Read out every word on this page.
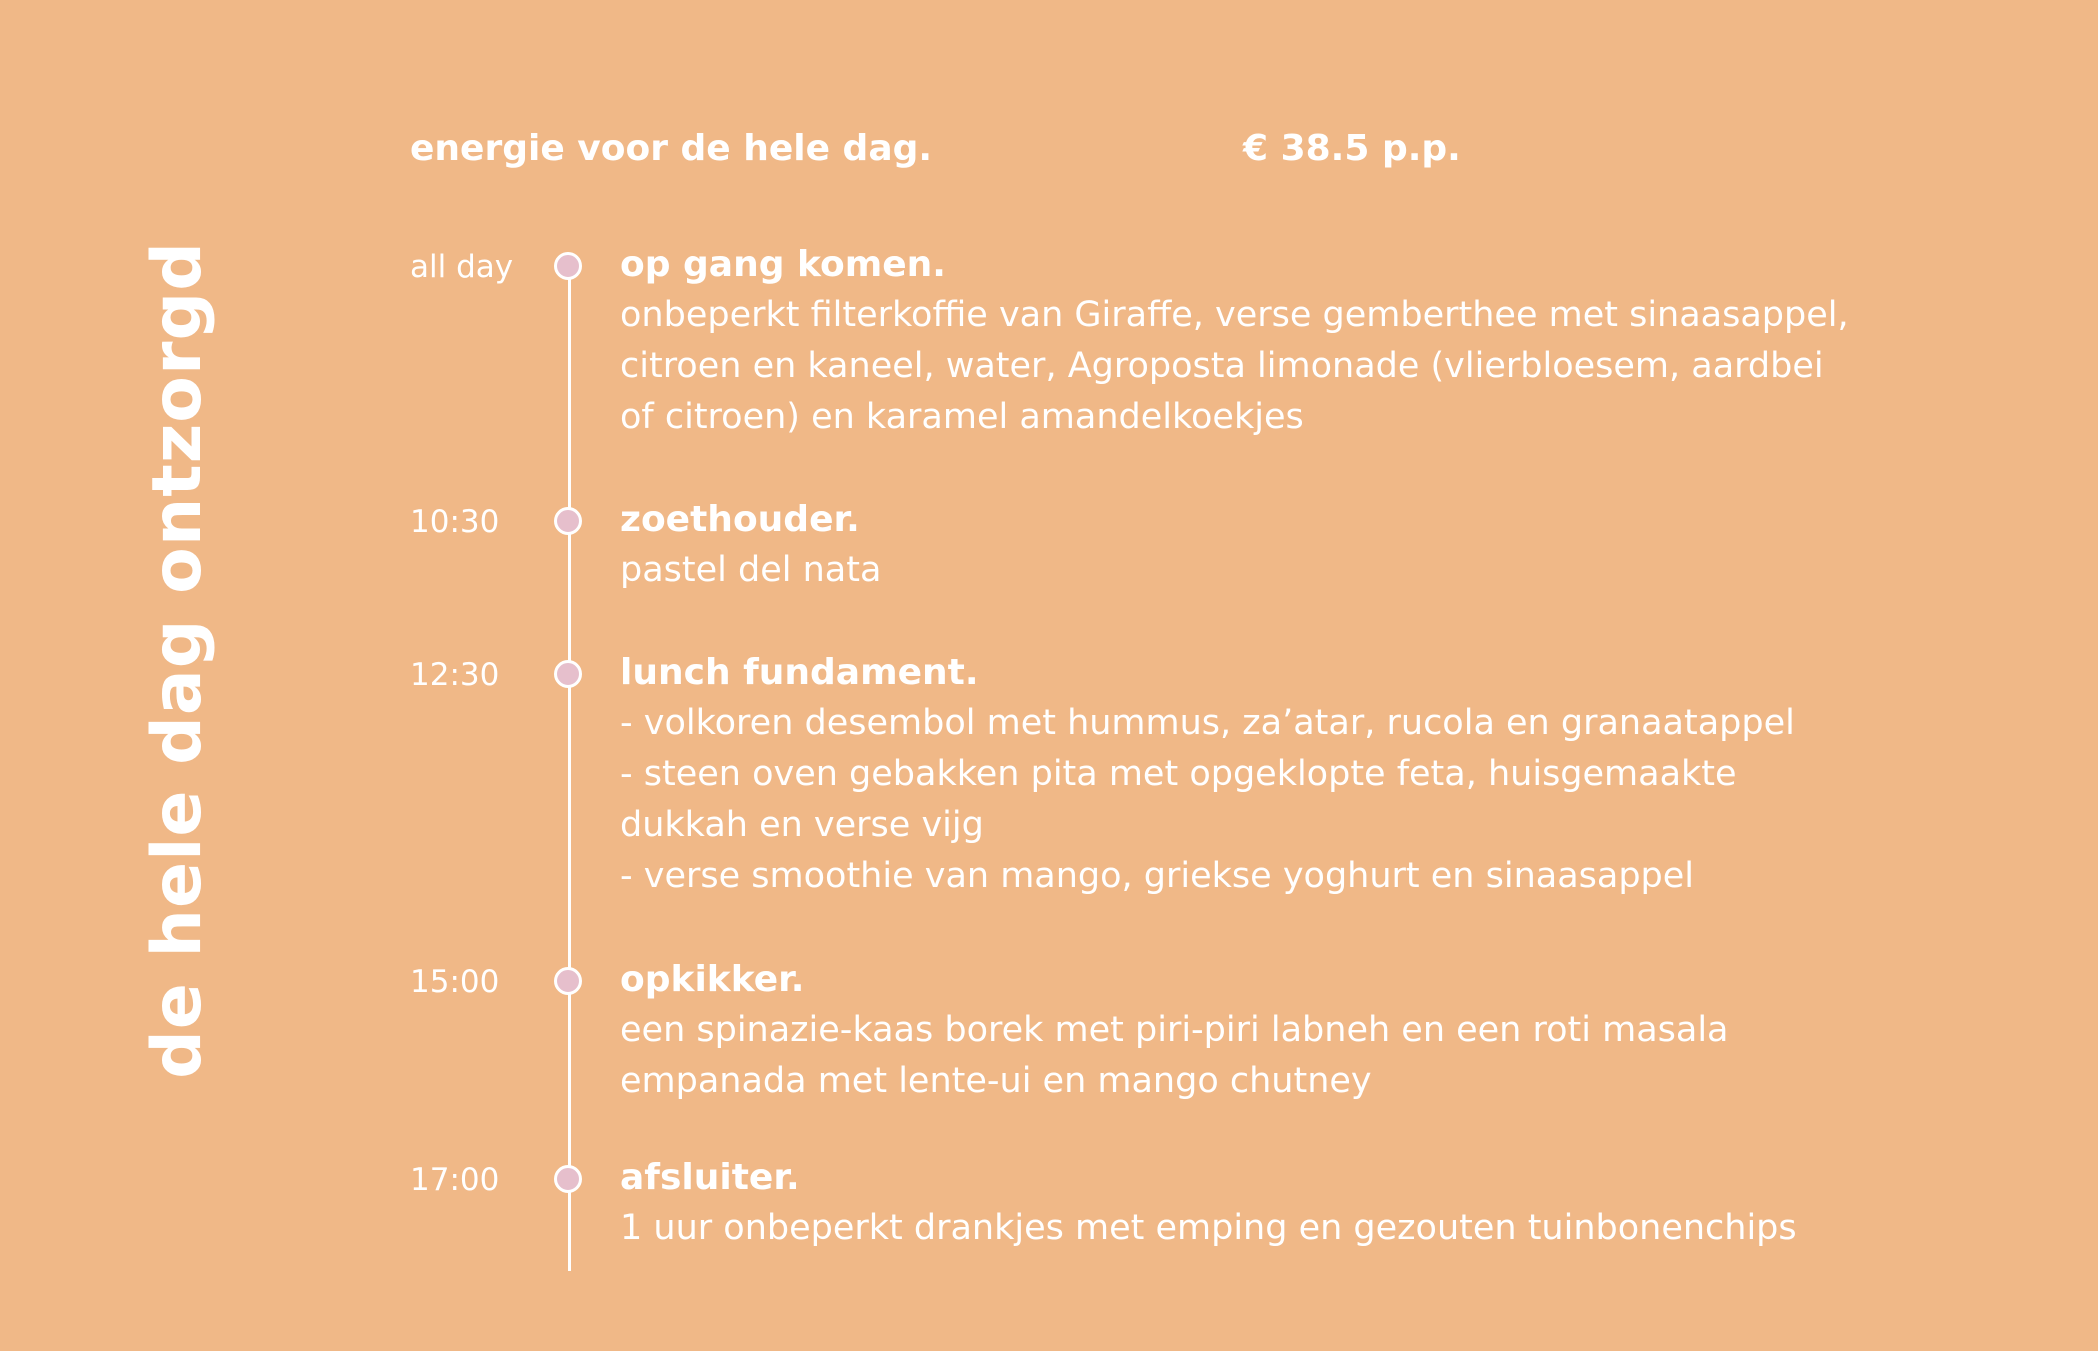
de hele dag ontzorgd
energie voor de hele dag.	€ 38.5 p.p.
all day	op gang komen.
onbeperkt filterkoffie van Giraffe, verse gemberthee met sinaasappel,
citroen en kaneel, water, Agroposta limonade (vlierbloesem, aardbei
of citroen) en karamel amandelkoekjes
10:30	zoethouder.
pastel del nata
12:30	lunch fundament.
- volkoren desembol met hummus, za’atar, rucola en granaatappel
- steen oven gebakken pita met opgeklopte feta, huisgemaakte
dukkah en verse vijg
- verse smoothie van mango, griekse yoghurt en sinaasappel
15:00	opkikker.
een spinazie-kaas borek met piri-piri labneh en een roti masala
empanada met lente-ui en mango chutney
17:00	afsluiter.
1 uur onbeperkt drankjes met emping en gezouten tuinbonenchips
